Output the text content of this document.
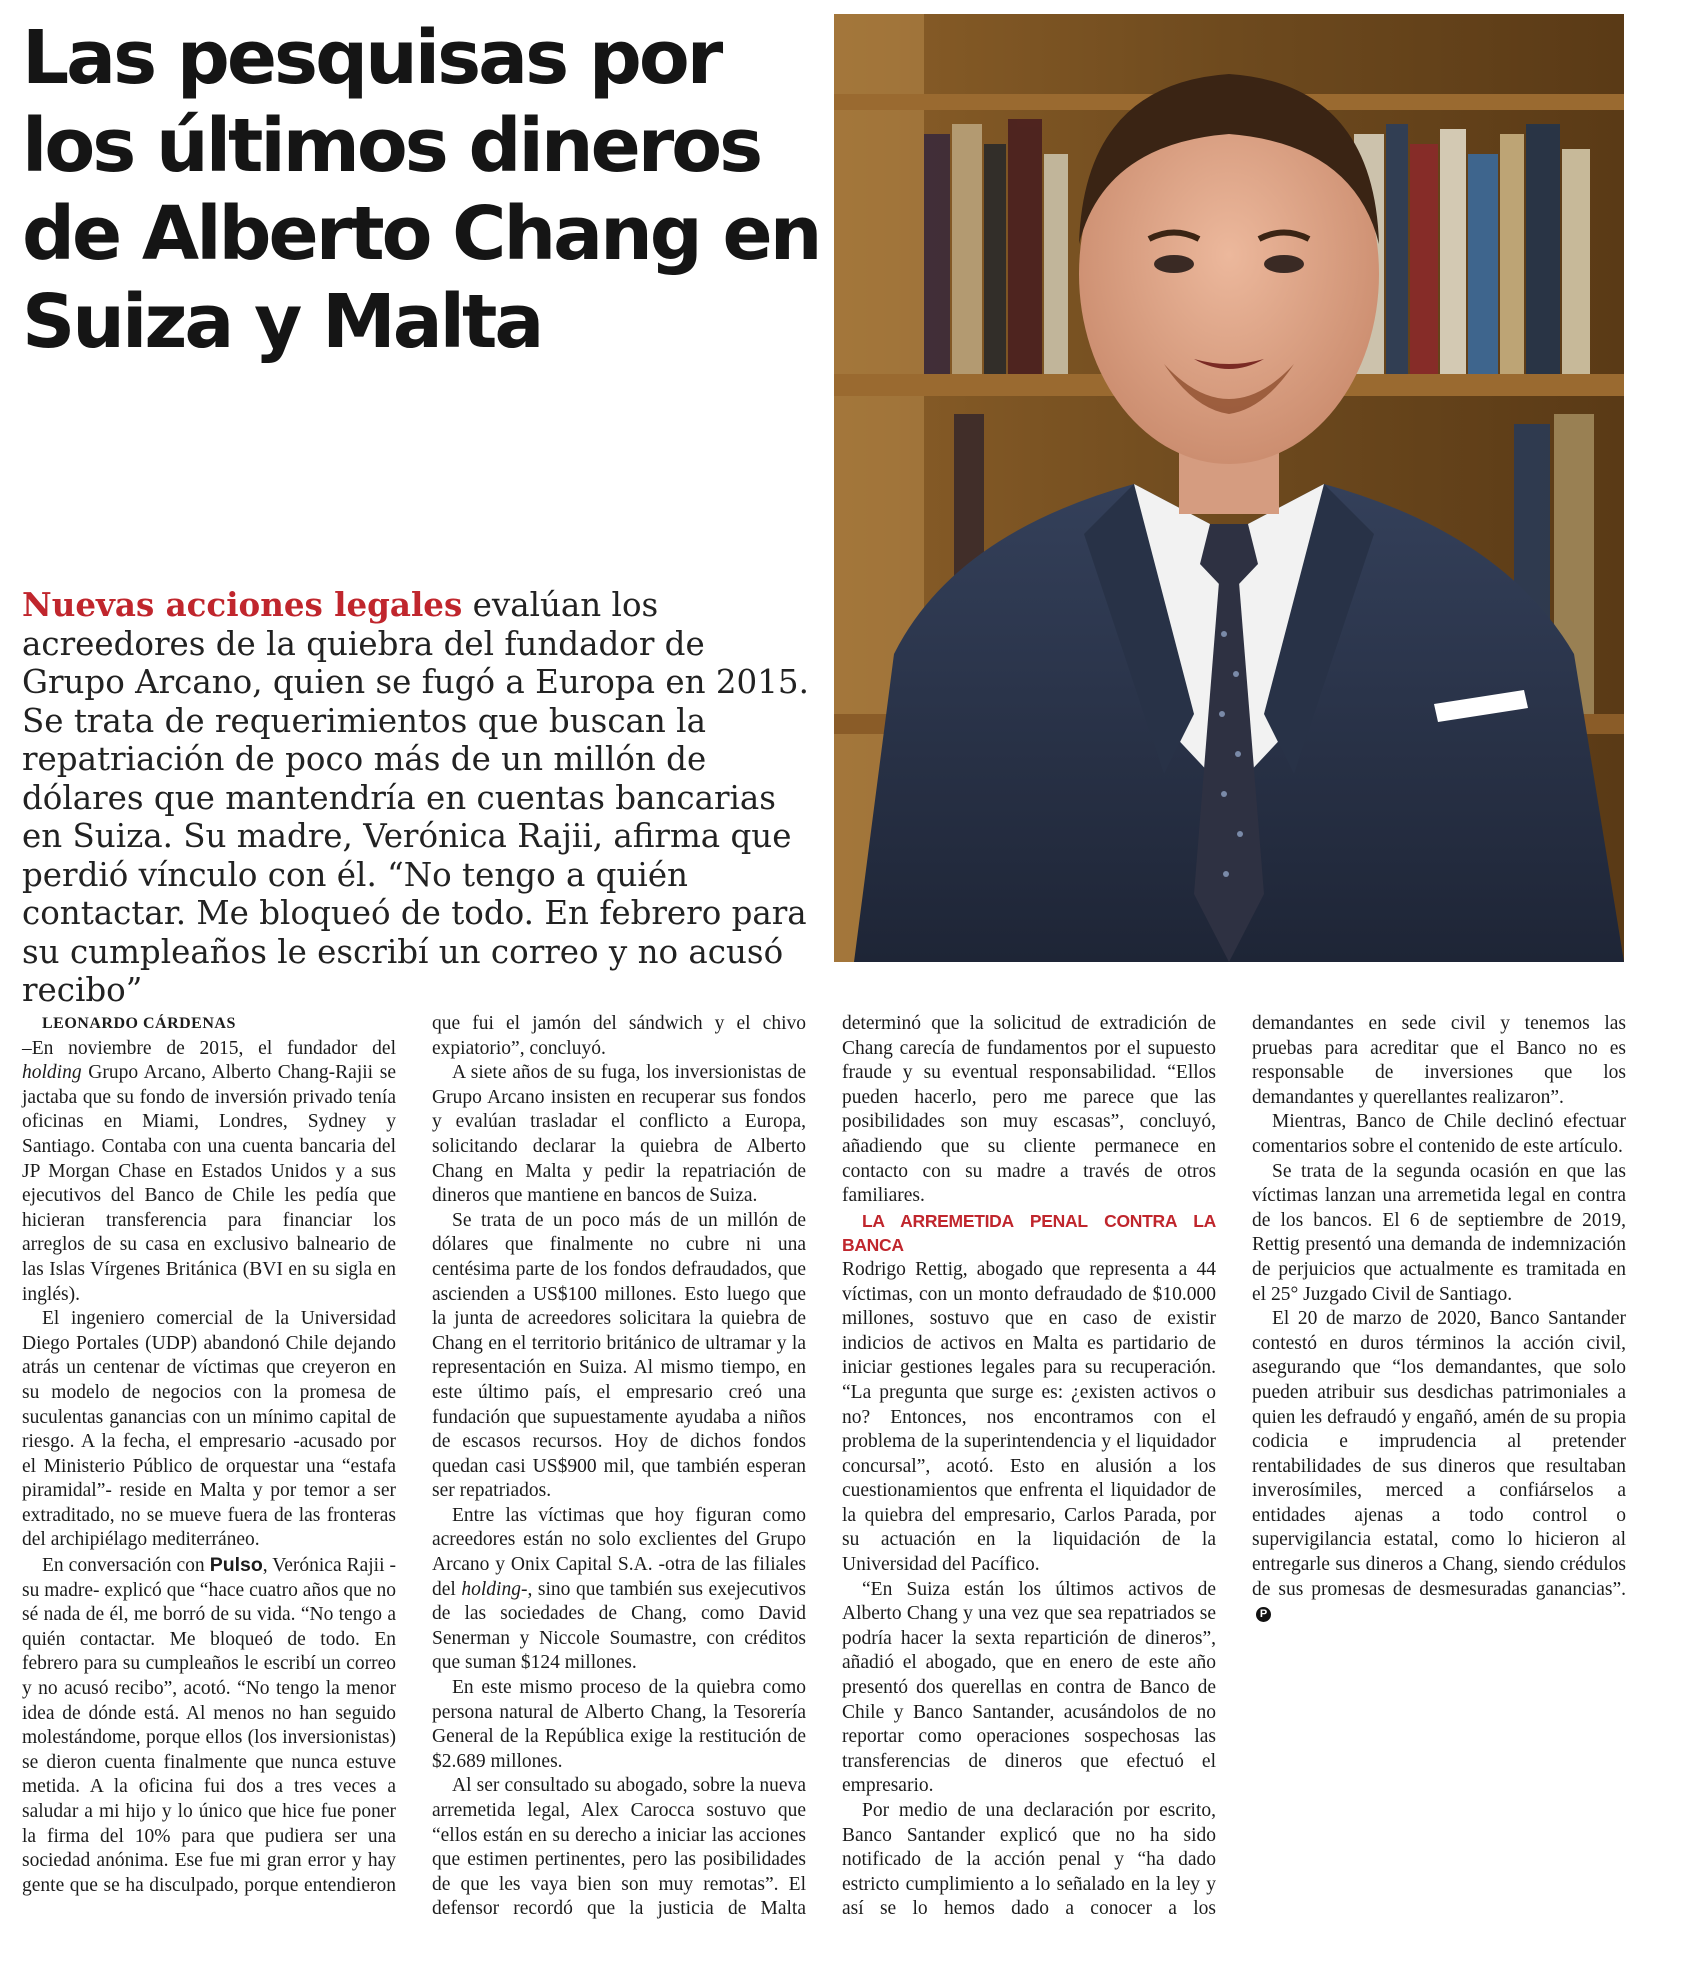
Las pesquisas por los últimos dineros de Alberto Chang en Suiza y Malta

Nuevas acciones legales evalúan los acreedores de la quiebra del fundador de Grupo Arcano, quien se fugó a Europa en 2015. Se trata de requerimientos que buscan la repatriación de poco más de un millón de dólares que mantendría en cuentas bancarias en Suiza. Su madre, Verónica Rajii, afirma que perdió vínculo con él. “No tengo a quién contactar. Me bloqueó de todo. En febrero para su cumpleaños le escribí un correo y no acusó recibo”

LEONARDO CÁRDENAS

–En noviembre de 2015, el fundador del holding Grupo Arcano, Alberto Chang-Rajii se jactaba que su fondo de inversión privado tenía oficinas en Miami, Londres, Sydney y Santiago. Contaba con una cuenta bancaria del JP Morgan Chase en Estados Unidos y a sus ejecutivos del Banco de Chile les pedía que hicieran transferencia para financiar los arreglos de su casa en exclusivo balneario de las Islas Vírgenes Británica (BVI en su sigla en inglés).

El ingeniero comercial de la Universidad Diego Portales (UDP) abandonó Chile dejando atrás un centenar de víctimas que creyeron en su modelo de negocios con la promesa de suculentas ganancias con un mínimo capital de riesgo. A la fecha, el empresario -acusado por el Ministerio Público de orquestar una “estafa piramidal”- reside en Malta y por temor a ser extraditado, no se mueve fuera de las fronteras del archipiélago mediterráneo.

En conversación con Pulso, Verónica Rajii -su madre- explicó que “hace cuatro años que no sé nada de él, me borró de su vida. “No tengo a quién contactar. Me bloqueó de todo. En febrero para su cumpleaños le escribí un correo y no acusó recibo”, acotó. “No tengo la menor idea de dónde está. Al menos no han seguido molestándome, porque ellos (los inversionistas) se dieron cuenta finalmente que nunca estuve metida. A la oficina fui dos a tres veces a saludar a mi hijo y lo único que hice fue poner la firma del 10% para que pudiera ser una sociedad anónima. Ese fue mi gran error y hay gente que se ha disculpado, porque entendieron que fui el jamón del sándwich y el chivo expiatorio”, concluyó.

A siete años de su fuga, los inversionistas de Grupo Arcano insisten en recuperar sus fondos y evalúan trasladar el conflicto a Europa, solicitando declarar la quiebra de Alberto Chang en Malta y pedir la repatriación de dineros que mantiene en bancos de Suiza.

Se trata de un poco más de un millón de dólares que finalmente no cubre ni una centésima parte de los fondos defraudados, que ascienden a US$100 millones. Esto luego que la junta de acreedores solicitara la quiebra de Chang en el territorio británico de ultramar y la representación en Suiza. Al mismo tiempo, en este último país, el empresario creó una fundación que supuestamente ayudaba a niños de escasos recursos. Hoy de dichos fondos quedan casi US$900 mil, que también esperan ser repatriados.

Entre las víctimas que hoy figuran como acreedores están no solo exclientes del Grupo Arcano y Onix Capital S.A. -otra de las filiales del holding-, sino que también sus exejecutivos de las sociedades de Chang, como David Senerman y Niccole Soumastre, con créditos que suman $124 millones.

En este mismo proceso de la quiebra como persona natural de Alberto Chang, la Tesorería General de la República exige la restitución de $2.689 millones.

Al ser consultado su abogado, sobre la nueva arremetida legal, Alex Carocca sostuvo que “ellos están en su derecho a iniciar las acciones que estimen pertinentes, pero las posibilidades de que les vaya bien son muy remotas”. El defensor recordó que la justicia de Malta determinó que la solicitud de extradición de Chang carecía de fundamentos por el supuesto fraude y su eventual responsabilidad. “Ellos pueden hacerlo, pero me parece que las posibilidades son muy escasas”, concluyó, añadiendo que su cliente permanece en contacto con su madre a través de otros familiares.

LA ARREMETIDA PENAL CONTRA LA BANCA

Rodrigo Rettig, abogado que representa a 44 víctimas, con un monto defraudado de $10.000 millones, sostuvo que en caso de existir indicios de activos en Malta es partidario de iniciar gestiones legales para su recuperación. “La pregunta que surge es: ¿existen activos o no? Entonces, nos encontramos con el problema de la superintendencia y el liquidador concursal”, acotó. Esto en alusión a los cuestionamientos que enfrenta el liquidador de la quiebra del empresario, Carlos Parada, por su actuación en la liquidación de la Universidad del Pacífico.

“En Suiza están los últimos activos de Alberto Chang y una vez que sea repatriados se podría hacer la sexta repartición de dineros”, añadió el abogado, que en enero de este año presentó dos querellas en contra de Banco de Chile y Banco Santander, acusándolos de no reportar como operaciones sospechosas las transferencias de dineros que efectuó el empresario.

Por medio de una declaración por escrito, Banco Santander explicó que no ha sido notificado de la acción penal y “ha dado estricto cumplimiento a lo señalado en la ley y así se lo hemos dado a conocer a los demandantes en sede civil y tenemos las pruebas para acreditar que el Banco no es responsable de inversiones que los demandantes y querellantes realizaron”.

Mientras, Banco de Chile declinó efectuar comentarios sobre el contenido de este artículo.

Se trata de la segunda ocasión en que las víctimas lanzan una arremetida legal en contra de los bancos. El 6 de septiembre de 2019, Rettig presentó una demanda de indemnización de perjuicios que actualmente es tramitada en el 25° Juzgado Civil de Santiago.

El 20 de marzo de 2020, Banco Santander contestó en duros términos la acción civil, asegurando que “los demandantes, que solo pueden atribuir sus desdichas patrimoniales a quien les defraudó y engañó, amén de su propia codicia e imprudencia al pretender rentabilidades de sus dineros que resultaban inverosímiles, merced a confiárselos a entidades ajenas a todo control o supervigilancia estatal, como lo hicieron al entregarle sus dineros a Chang, siendo crédulos de sus promesas de desmesuradas ganancias”.P
